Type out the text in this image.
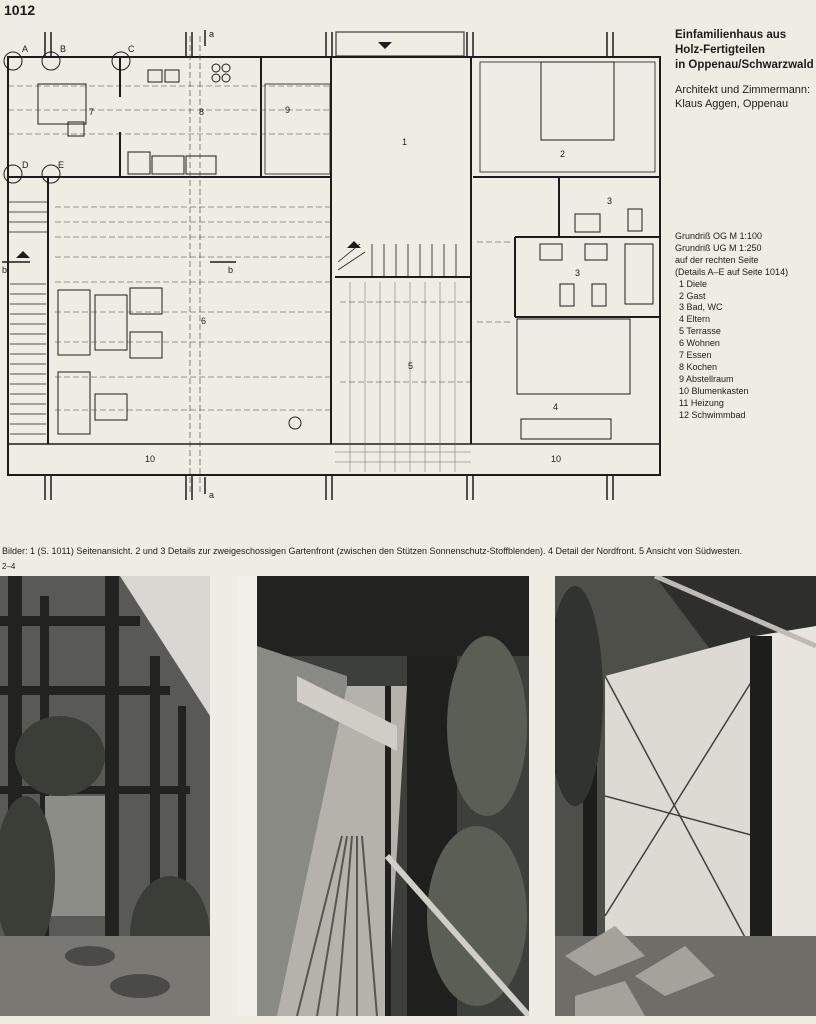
1012
1
2
3
3
4
5
6
7	8	9
10	10
A	B	C
D	E
a
a
b	b

Einfamilienhaus aus

Holz-Fertigteilen

in Oppenau/Schwarzwald

Architekt und Zimmermann:
Klaus Aggen, Oppenau
Grundriß OG M 1:100
Grundriß UG M 1:250
auf der rechten Seite
(Details A–E auf Seite 1014)
1 Diele
2 Gast
3 Bad, WC
4 Eltern
5 Terrasse
6 Wohnen
7 Essen
8 Kochen
9 Abstellraum
10 Blumenkasten
11 Heizung
12 Schwimmbad
Bilder: 1 (S. 1011) Seitenansicht. 2 und 3 Details zur zweigeschossigen Gartenfront (zwischen den Stützen Sonnenschutz-Stoffblenden). 4 Detail der Nordfront. 5 Ansicht von Südwesten.
2–4
